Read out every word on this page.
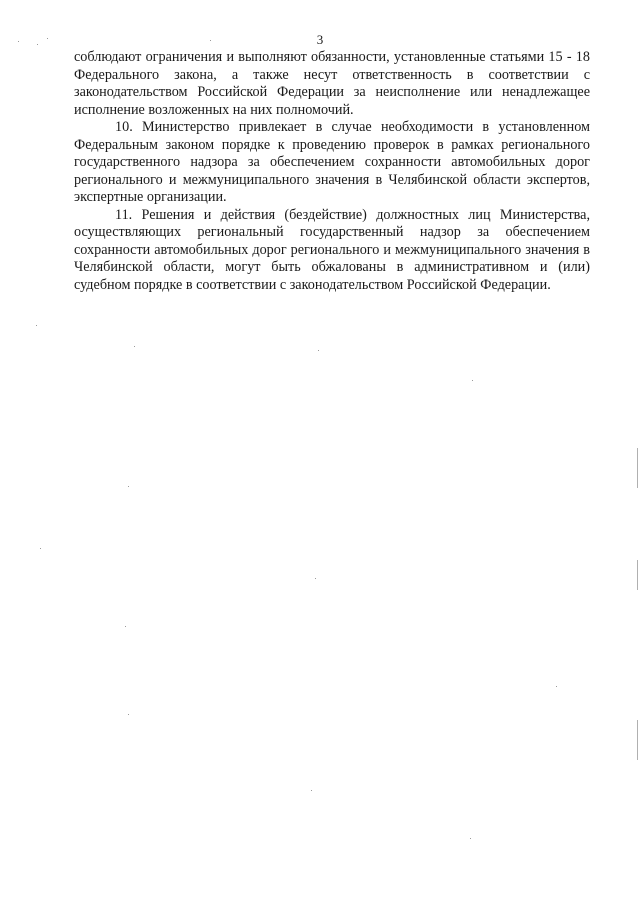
3

соблюдают ограничения и выполняют обязанности, установленные статьями 15 - 18 Федерального закона, а также несут ответственность в соответствии с законодательством Российской Федерации за неисполнение или ненадлежащее исполнение возложенных на них полномочий.

10. Министерство привлекает в случае необходимости в установленном Федеральным законом порядке к проведению проверок в рамках регионального государственного надзора за обеспечением сохранности автомобильных дорог регионального и межмуниципального значения в Челябинской области экспертов, экспертные организации.

11. Решения и действия (бездействие) должностных лиц Министерства, осуществляющих региональный государственный надзор за обеспечением сохранности автомобильных дорог регионального и межмуниципального значения в Челябинской области, могут быть обжалованы в административном и (или) судебном порядке в соответствии с законодательством Российской Федерации.
